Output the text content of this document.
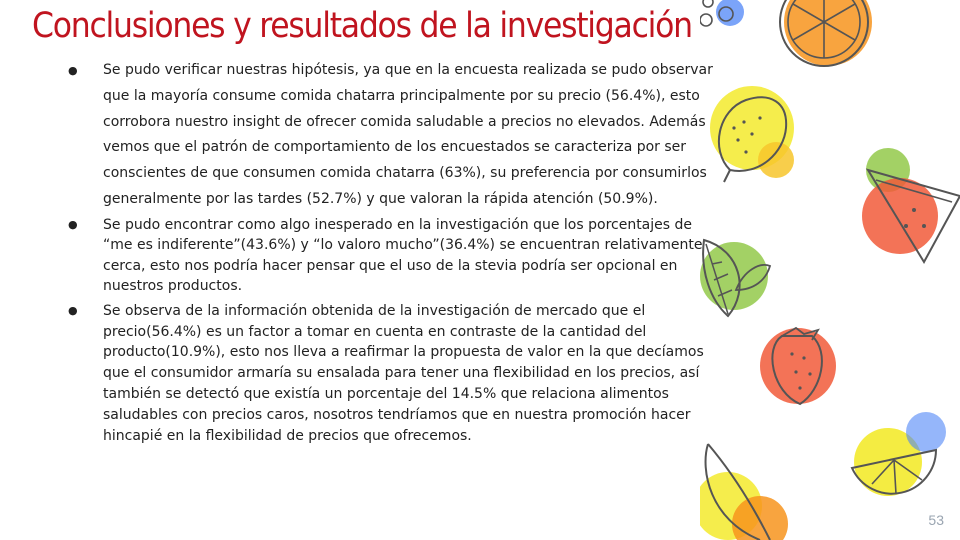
Conclusiones y resultados de la investigación
● Se pudo verificar nuestras hipótesis, ya que en la encuesta realizada se pudo observar que la mayoría consume comida chatarra principalmente por su precio (56.4%), esto corrobora nuestro insight de ofrecer comida saludable a precios no elevados. Además vemos que el patrón de comportamiento de los encuestados se caracteriza por ser conscientes de que consumen comida chatarra (63%), su preferencia por consumirlos generalmente por las tardes (52.7%) y que valoran la rápida atención (50.9%).
● Se pudo encontrar como algo inesperado en la investigación que los porcentajes de “me es indiferente”(43.6%) y “lo valoro mucho”(36.4%) se encuentran relativamente cerca, esto nos podría hacer pensar que el uso de la stevia podría ser opcional en nuestros productos.
● Se observa de la información obtenida de la investigación de mercado que el precio(56.4%) es un factor a tomar en cuenta en contraste de la cantidad del producto(10.9%), esto nos lleva a reafirmar la propuesta de valor en la que decíamos que el consumidor armaría su ensalada para tener una flexibilidad en los precios, así también se detectó que existía un porcentaje del 14.5% que relaciona alimentos saludables con precios caros, nosotros tendríamos que en nuestra promoción hacer hincapié en la flexibilidad de precios que ofrecemos.
53
